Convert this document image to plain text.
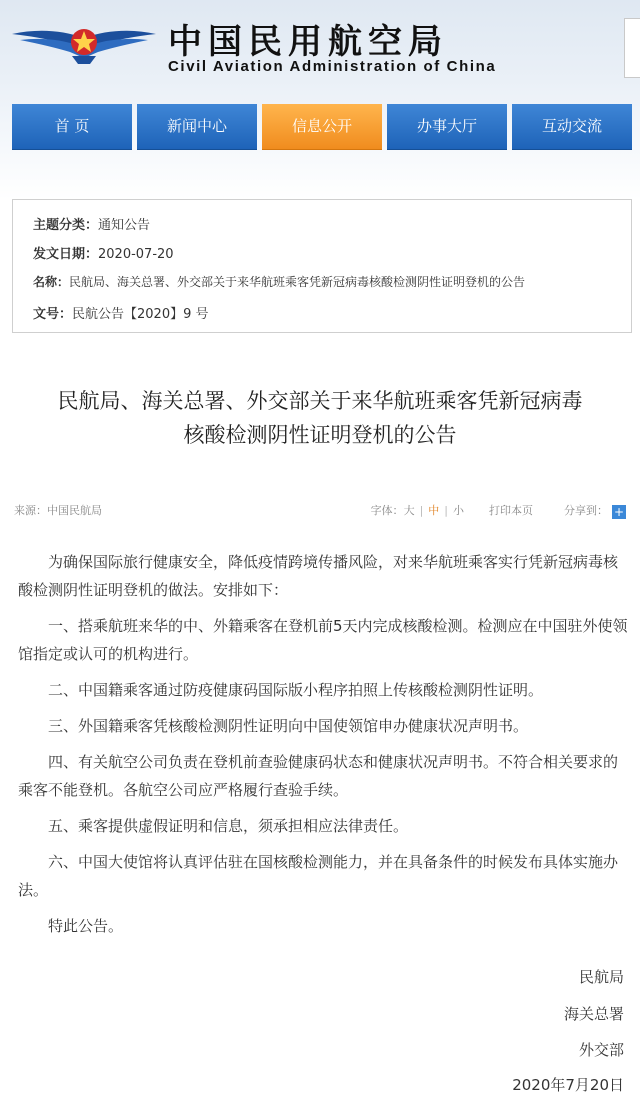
中国民用航空局
Civil Aviation Administration of China
首 页	新闻中心	信息公开	办事大厅	互动交流
主题分类：通知公告
发文日期：2020-07-20
名称：民航局、海关总署、外交部关于来华航班乘客凭新冠病毒核酸检测阴性证明登机的公告
文号：民航公告【2020】9 号
民航局、海关总署、外交部关于来华航班乘客凭新冠病毒
核酸检测阴性证明登机的公告
来源：中国民航局	字体：大 | 中 | 小 打印本页	分享到： +

为确保国际旅行健康安全，降低疫情跨境传播风险，对来华航班乘客实行凭新冠病毒核酸检测阴性证明登机的做法。安排如下：

一、搭乘航班来华的中、外籍乘客在登机前5天内完成核酸检测。检测应在中国驻外使领馆指定或认可的机构进行。

二、中国籍乘客通过防疫健康码国际版小程序拍照上传核酸检测阴性证明。

三、外国籍乘客凭核酸检测阴性证明向中国使领馆申办健康状况声明书。

四、有关航空公司负责在登机前查验健康码状态和健康状况声明书。不符合相关要求的乘客不能登机。各航空公司应严格履行查验手续。

五、乘客提供虚假证明和信息，须承担相应法律责任。

六、中国大使馆将认真评估驻在国核酸检测能力，并在具备条件的时候发布具体实施办法。

特此公告。

民航局
海关总署
外交部
2020年7月20日
